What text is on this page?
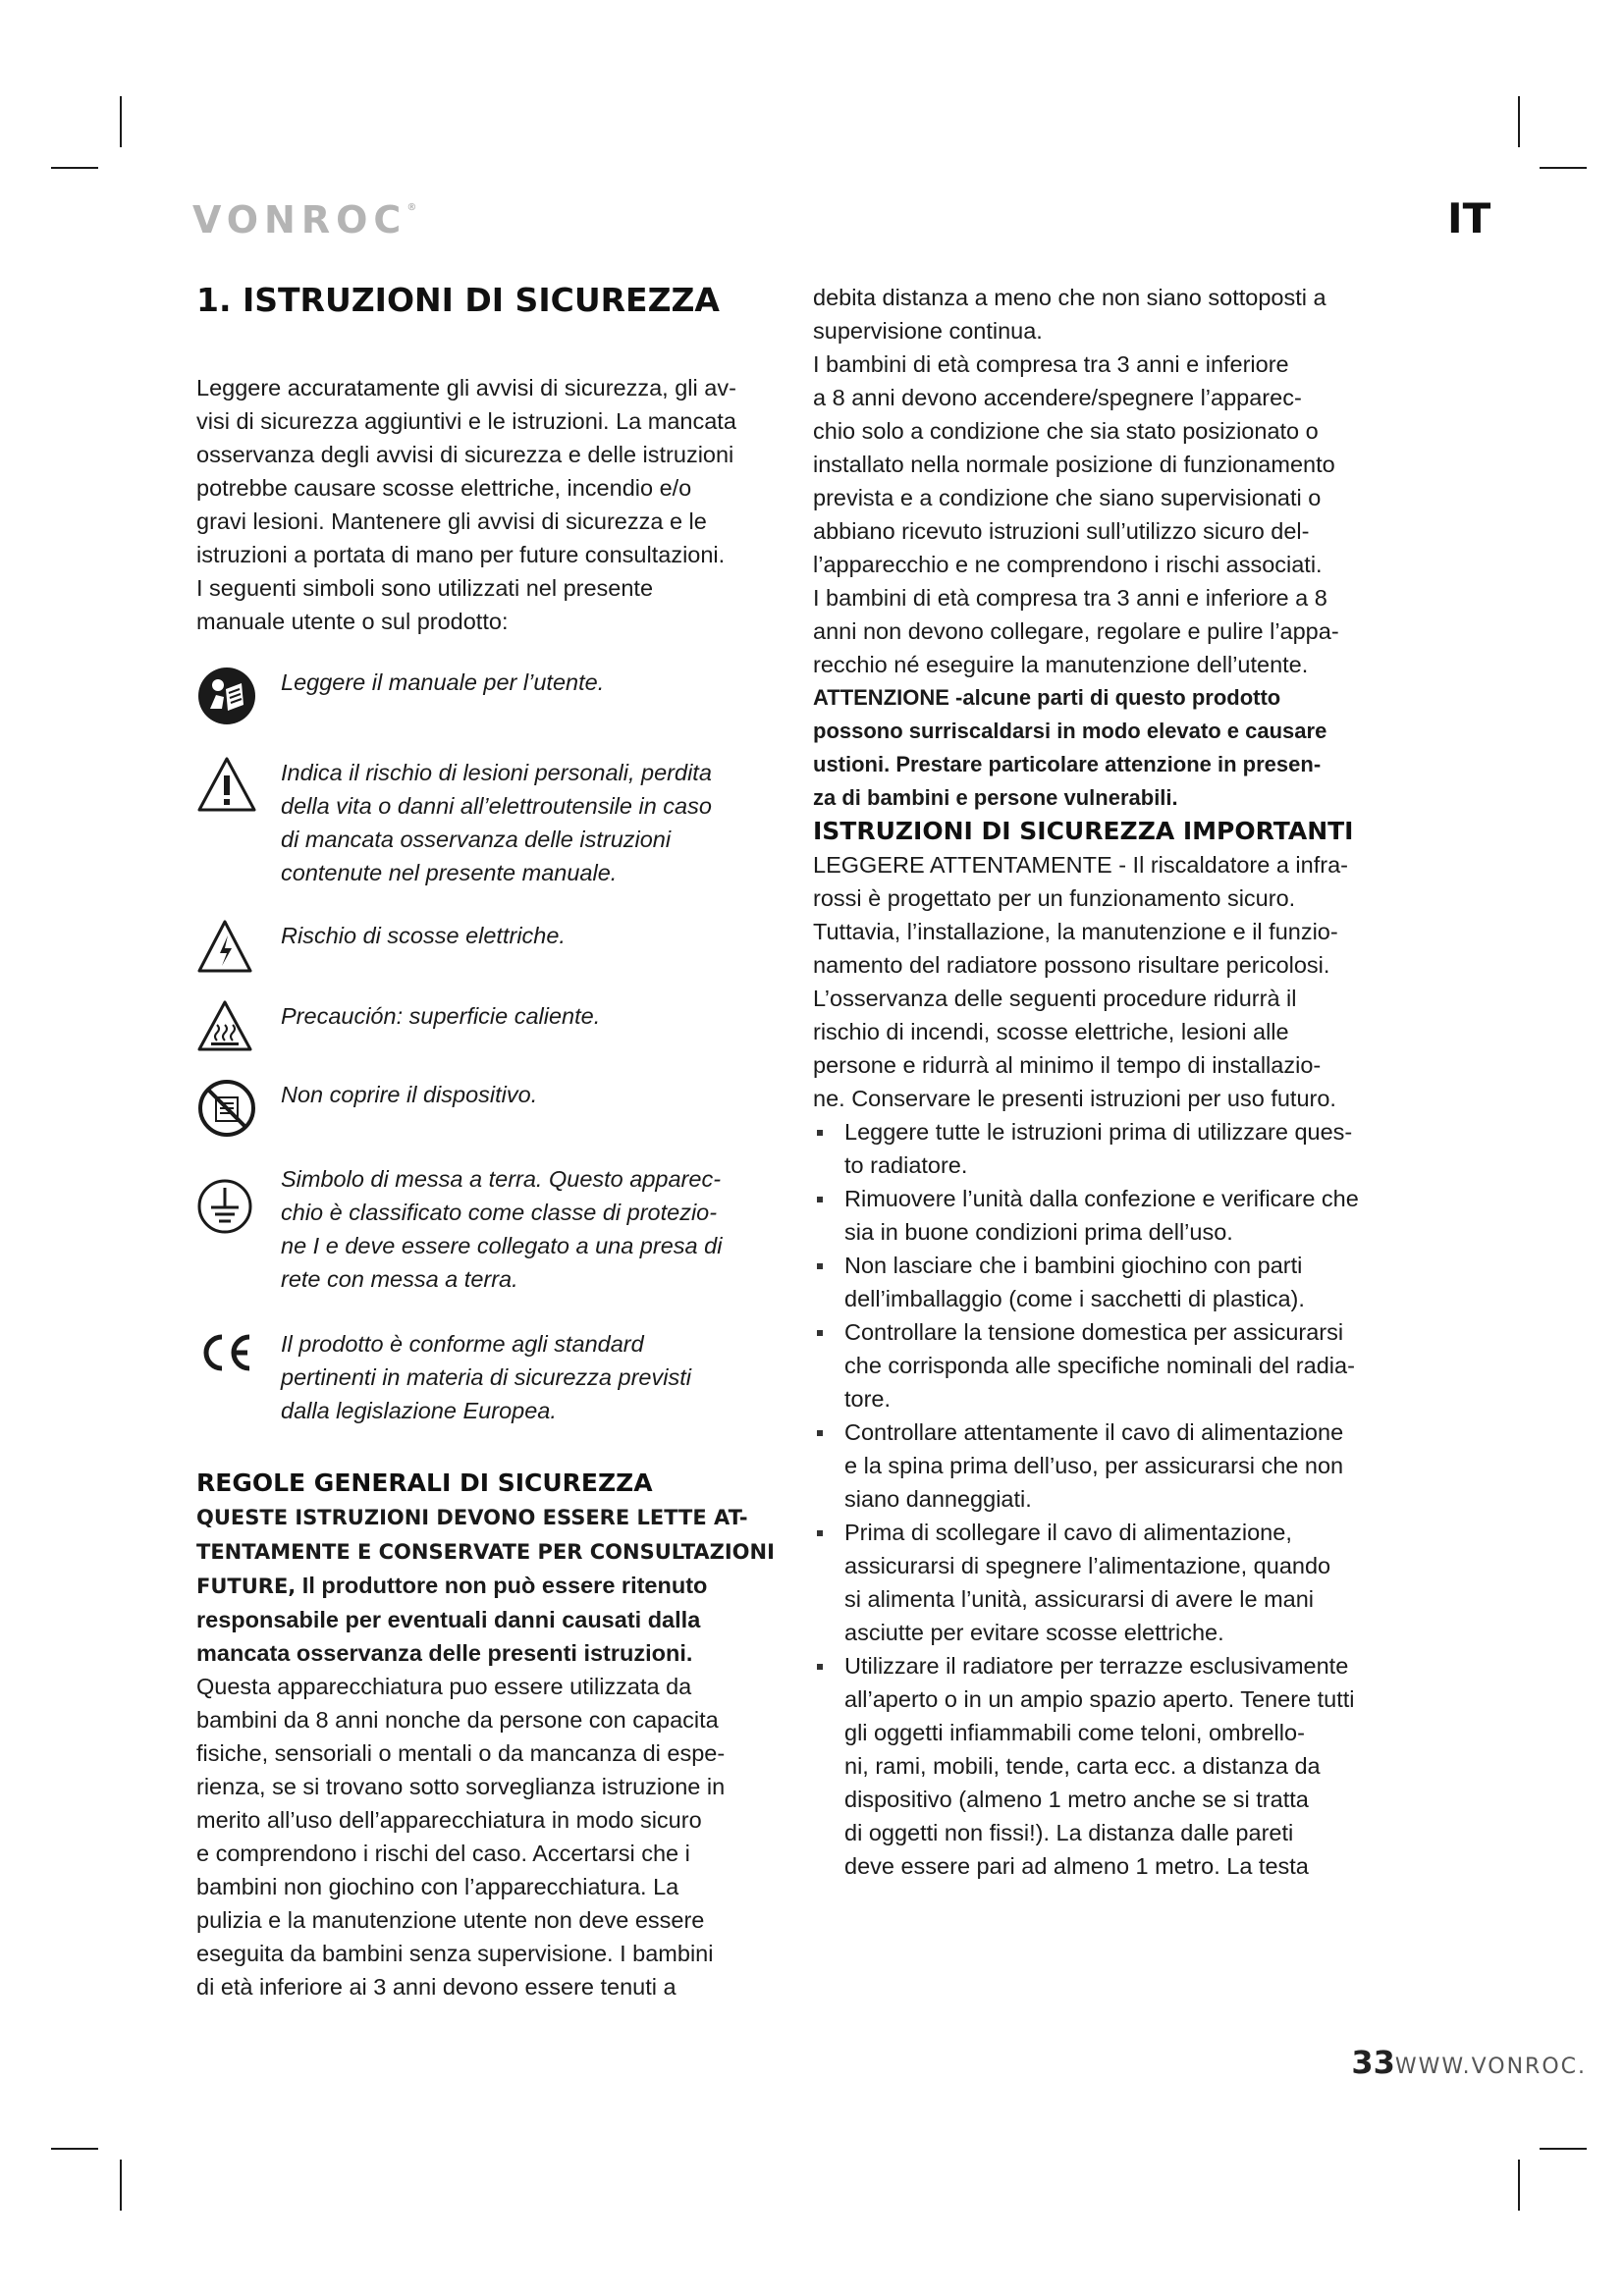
VONROC®	IT
1. ISTRUZIONI DI SICUREZZA

Leggere accuratamente gli avvisi di sicurezza, gli av-
visi di sicurezza aggiuntivi e le istruzioni. La mancata
osservanza degli avvisi di sicurezza e delle istruzioni
potrebbe causare scosse elettriche, incendio e/o
gravi lesioni. Mantenere gli avvisi di sicurezza e le
istruzioni a portata di mano per future consultazioni.

I seguenti simboli sono utilizzati nel presente
manuale utente o sul prodotto:

Leggere il manuale per l’utente.
Indica il rischio di lesioni personali, perdita
della vita o danni all’elettroutensile in caso
di mancata osservanza delle istruzioni
contenute nel presente manuale.
Rischio di scosse elettriche.
Precaución: superficie caliente.
Non coprire il dispositivo.
Simbolo di messa a terra. Questo apparec-
chio è classificato come classe di protezio-
ne I e deve essere collegato a una presa di
rete con messa a terra.
Il prodotto è conforme agli standard
pertinenti in materia di sicurezza previsti
dalla legislazione Europea.
REGOLE GENERALI DI SICUREZZA

QUESTE ISTRUZIONI DEVONO ESSERE LETTE AT-
TENTAMENTE E CONSERVATE PER CONSULTAZIONI
FUTURE, Il produttore non può essere ritenuto
responsabile per eventuali danni causati dalla
mancata osservanza delle presenti istruzioni.

Questa apparecchiatura puo essere utilizzata da
bambini da 8 anni nonche da persone con capacita
fisiche, sensoriali o mentali o da mancanza di espe-
rienza, se si trovano sotto sorveglianza istruzione in
merito all’uso dell’apparecchiatura in modo sicuro
e comprendono i rischi del caso. Accertarsi che i
bambini non giochino con l’apparecchiatura. La
pulizia e la manutenzione utente non deve essere
eseguita da bambini senza supervisione. I bambini
di età inferiore ai 3 anni devono essere tenuti a

debita distanza a meno che non siano sottoposti a
supervisione continua.

I bambini di età compresa tra 3 anni e inferiore
a 8 anni devono accendere/spegnere l’apparec-
chio solo a condizione che sia stato posizionato o
installato nella normale posizione di funzionamento
prevista e a condizione che siano supervisionati o
abbiano ricevuto istruzioni sull’utilizzo sicuro del-
l’apparecchio e ne comprendono i rischi associati.
I bambini di età compresa tra 3 anni e inferiore a 8
anni non devono collegare, regolare e pulire l’appa-
recchio né eseguire la manutenzione dell’utente.

ATTENZIONE -alcune parti di questo prodotto
possono surriscaldarsi in modo elevato e causare
ustioni. Prestare particolare attenzione in presen-
za di bambini e persone vulnerabili.

ISTRUZIONI DI SICUREZZA IMPORTANTI

LEGGERE ATTENTAMENTE - Il riscaldatore a infra-
rossi è progettato per un funzionamento sicuro.
Tuttavia, l’installazione, la manutenzione e il funzio-
namento del radiatore possono risultare pericolosi.
L’osservanza delle seguenti procedure ridurrà il
rischio di incendi, scosse elettriche, lesioni alle
persone e ridurrà al minimo il tempo di installazio-
ne. Conservare le presenti istruzioni per uso futuro.

Leggere tutte le istruzioni prima di utilizzare ques-
to radiatore.
Rimuovere l’unità dalla confezione e verificare che
sia in buone condizioni prima dell’uso.
Non lasciare che i bambini giochino con parti
dell’imballaggio (come i sacchetti di plastica).
Controllare la tensione domestica per assicurarsi
che corrisponda alle specifiche nominali del radia-
tore.
Controllare attentamente il cavo di alimentazione
e la spina prima dell’uso, per assicurarsi che non
siano danneggiati.
Prima di scollegare il cavo di alimentazione,
assicurarsi di spegnere l’alimentazione, quando
si alimenta l’unità, assicurarsi di avere le mani
asciutte per evitare scosse elettriche.
Utilizzare il radiatore per terrazze esclusivamente
all’aperto o in un ampio spazio aperto. Tenere tutti
gli oggetti infiammabili come teloni, ombrello-
ni, rami, mobili, tende, carta ecc. a distanza da
dispositivo (almeno 1 metro anche se si tratta
di oggetti non fissi!). La distanza dalle pareti
deve essere pari ad almeno 1 metro. La testa
33WWW.VONROC.
